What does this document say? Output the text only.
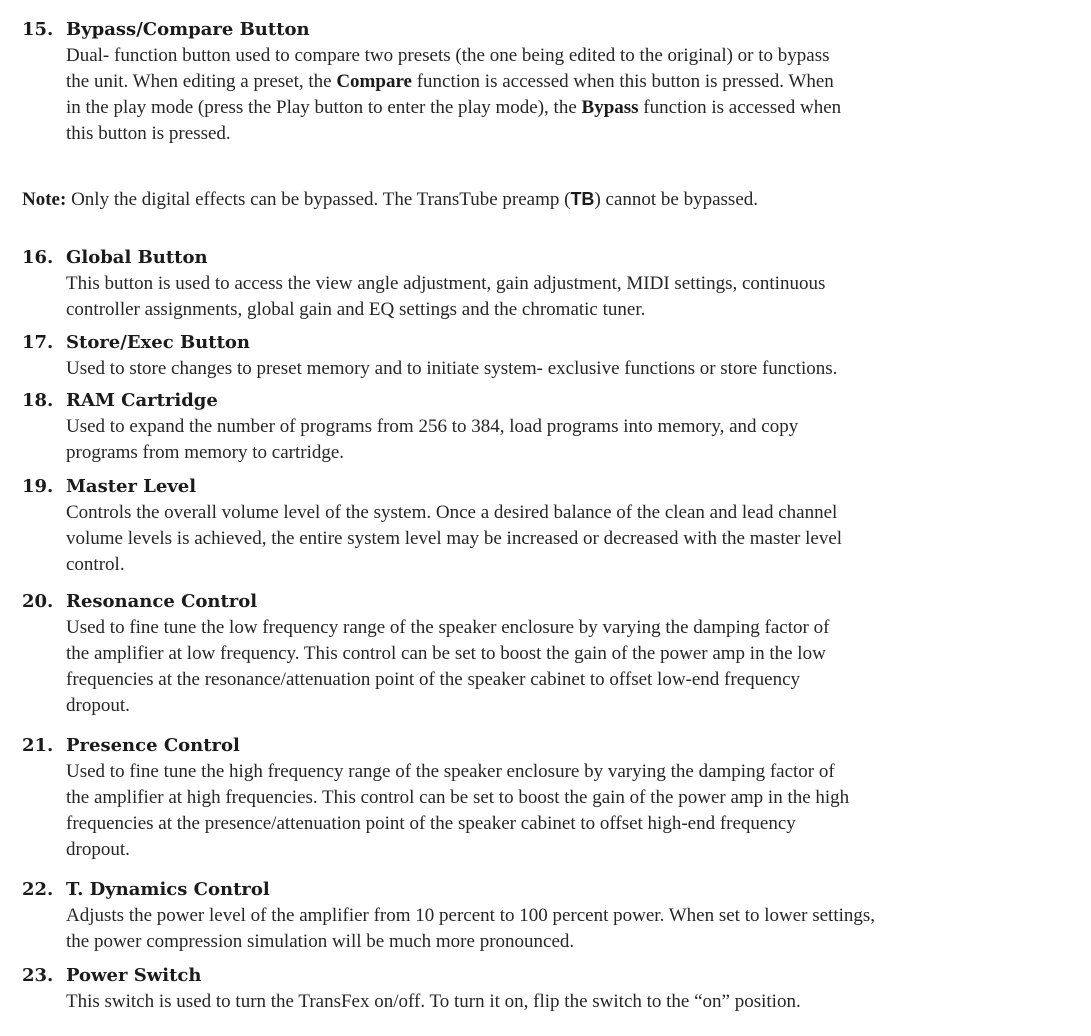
15. Bypass/Compare Button
Dual- function button used to compare two presets (the one being edited to the original) or to bypass
the unit. When editing a preset, the Compare function is accessed when this button is pressed. When
in the play mode (press the Play button to enter the play mode), the Bypass function is accessed when
this button is pressed.
Note: Only the digital effects can be bypassed. The TransTube preamp (TB) cannot be bypassed.
16. Global Button
This button is used to access the view angle adjustment, gain adjustment, MIDI settings, continuous
controller assignments, global gain and EQ settings and the chromatic tuner.
17. Store/Exec Button
Used to store changes to preset memory and to initiate system- exclusive functions or store functions.
18. RAM Cartridge
Used to expand the number of programs from 256 to 384, load programs into memory, and copy
programs from memory to cartridge.
19. Master Level
Controls the overall volume level of the system. Once a desired balance of the clean and lead channel
volume levels is achieved, the entire system level may be increased or decreased with the master level
control.
20. Resonance Control
Used to fine tune the low frequency range of the speaker enclosure by varying the damping factor of
the amplifier at low frequency. This control can be set to boost the gain of the power amp in the low
frequencies at the resonance/attenuation point of the speaker cabinet to offset low-end frequency
dropout.
21. Presence Control
Used to fine tune the high frequency range of the speaker enclosure by varying the damping factor of
the amplifier at high frequencies. This control can be set to boost the gain of the power amp in the high
frequencies at the presence/attenuation point of the speaker cabinet to offset high-end frequency
dropout.
22. T. Dynamics Control
Adjusts the power level of the amplifier from 10 percent to 100 percent power. When set to lower settings,
the power compression simulation will be much more pronounced.
23. Power Switch
This switch is used to turn the TransFex on/off. To turn it on, flip the switch to the “on” position.
